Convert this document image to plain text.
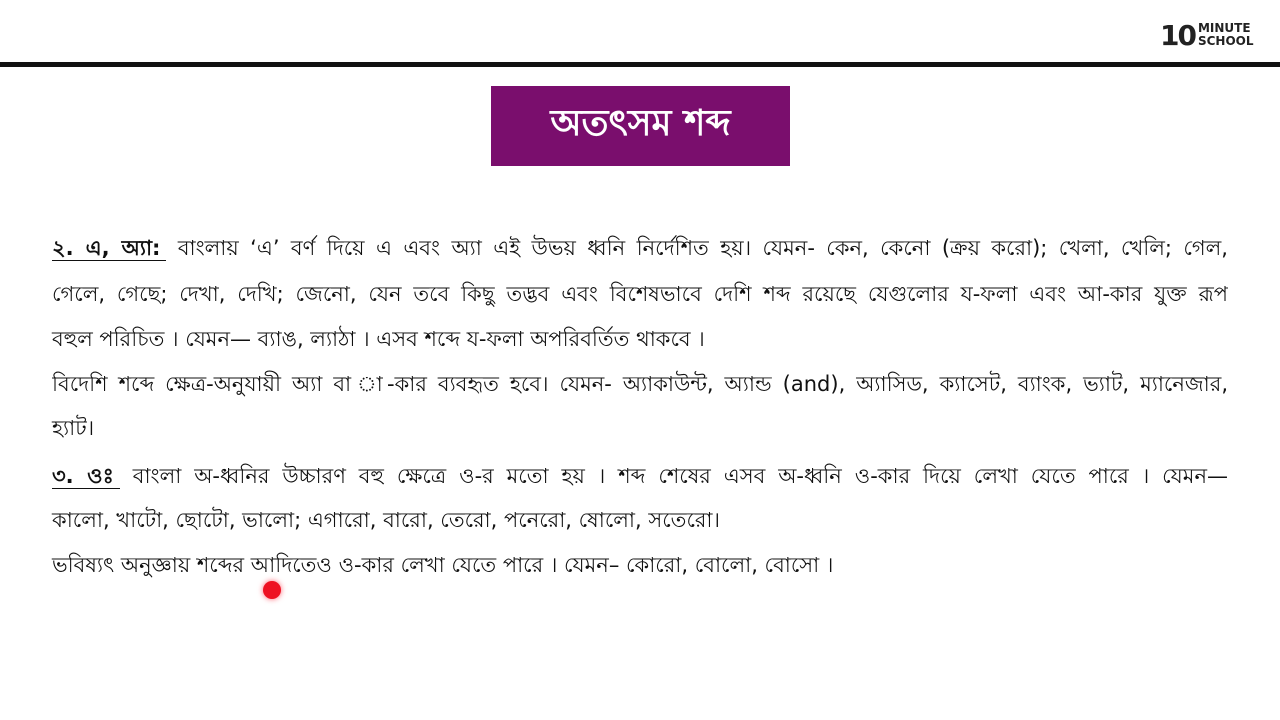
10 MINUTE
SCHOOL
অতৎসম শব্দ
২. এ, অ্যা: বাংলায় ‘এ’ বর্ণ দিয়ে এ এবং অ্যা এই উভয় ধ্বনি নির্দেশিত হয়। যেমন- কেন, কেনো (ক্রয় করো); খেলা, খেলি; গেল,
গেলে, গেছে; দেখা, দেখি; জেনো, যেন তবে কিছু তদ্ভব এবং বিশেষভাবে দেশি শব্দ রয়েছে যেগুলোর য-ফলা এবং আ-কার যুক্ত রূপ
বহুল পরিচিত । যেমন— ব্যাঙ, ল্যাঠা । এসব শব্দে য-ফলা অপরিবর্তিত থাকবে ।
বিদেশি শব্দে ক্ষেত্র-অনুযায়ী অ্যা বা া-কার ব্যবহৃত হবে। যেমন- অ্যাকাউন্ট, অ্যান্ড (and), অ্যাসিড, ক্যাসেট, ব্যাংক, ভ্যাট, ম্যানেজার,
হ্যাট।
৩. ওঃ বাংলা অ-ধ্বনির উচ্চারণ বহু ক্ষেত্রে ও-র মতো হয় । শব্দ শেষের এসব অ-ধ্বনি ও-কার দিয়ে লেখা যেতে পারে । যেমন—
কালো, খাটো, ছোটো, ভালো; এগারো, বারো, তেরো, পনেরো, ষোলো, সতেরো।
ভবিষ্যৎ অনুজ্ঞায় শব্দের আদিতেও ও-কার লেখা যেতে পারে । যেমন– কোরো, বোলো, বোসো ।
